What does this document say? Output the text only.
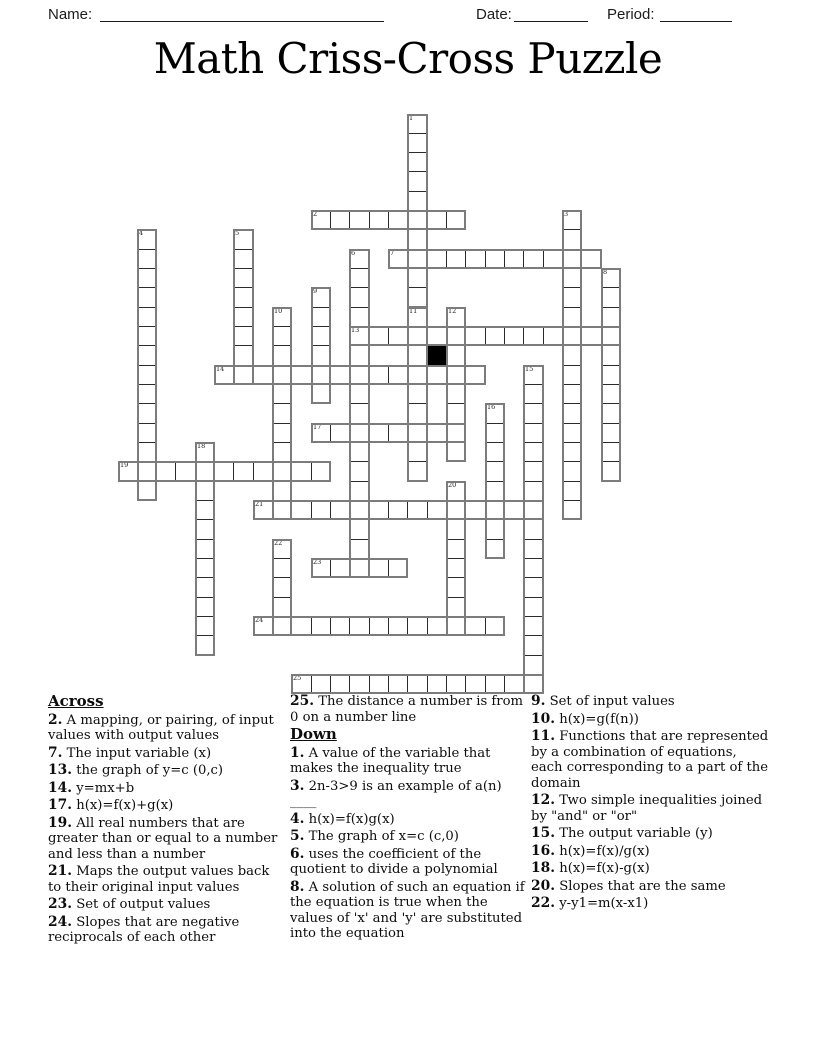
Name:	Date:	Period:
Math Criss-Cross Puzzle
1
2	3
4	5
6
13
7
8
9
10	11	12
14	15
16
17
18
19
20
21
22
23
24
25
Across
2. A mapping, or pairing, of input values with output values
7. The input variable (x)
13. the graph of y=c (0,c)
14. y=mx+b
17. h(x)=f(x)+g(x)
19. All real numbers that are greater than or equal to a number and less than a number
21. Maps the output values back to their original input values
23. Set of output values
24. Slopes that are negative reciprocals of each other
25. The distance a number is from 0 on a number line
Down
1. A value of the variable that makes the inequality true
3. 2n-3>9 is an example of a(n) ____
4. h(x)=f(x)g(x)
5. The graph of x=c (c,0)
6. uses the coefficient of the quotient to divide a polynomial
8. A solution of such an equation if the equation is true when the values of 'x' and 'y' are substituted into the equation
9. Set of input values
10. h(x)=g(f(n))
11. Functions that are represented by a combination of equations, each corresponding to a part of the domain
12. Two simple inequalities joined by "and" or "or"
15. The output variable (y)
16. h(x)=f(x)/g(x)
18. h(x)=f(x)-g(x)
20. Slopes that are the same
22. y-y1=m(x-x1)
